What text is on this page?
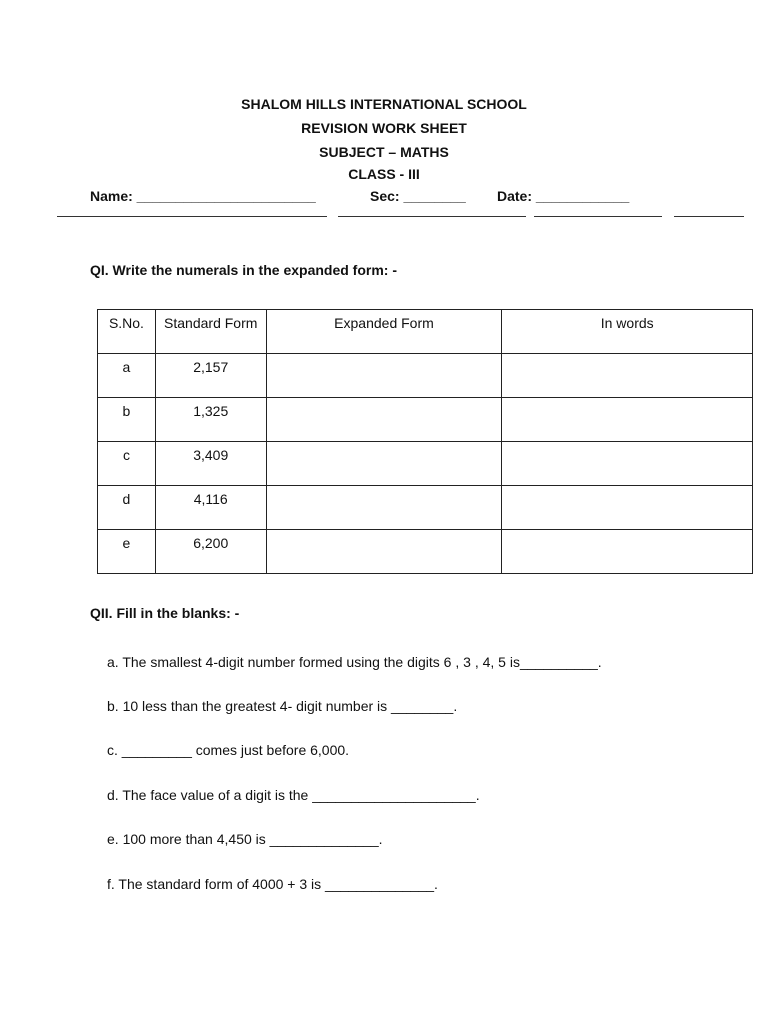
SHALOM HILLS INTERNATIONAL SCHOOL
REVISION WORK SHEET
SUBJECT – MATHS
CLASS - III
Name: _______________________	Sec: ________ Date: ____________
QI. Write the numerals in the expanded form: -
S.No.	Standard Form	Expanded Form	In words
a	2,157		
b	1,325		
c	3,409		
d	4,116		
e	6,200		
QII. Fill in the blanks: -
a. The smallest 4-digit number formed using the digits 6 , 3 , 4, 5 is__________.
b. 10 less than the greatest 4- digit number is ________.
c. _________ comes just before 6,000.
d. The face value of a digit is the _____________________.
e. 100 more than 4,450 is ______________.
f. The standard form of 4000 + 3 is ______________.
